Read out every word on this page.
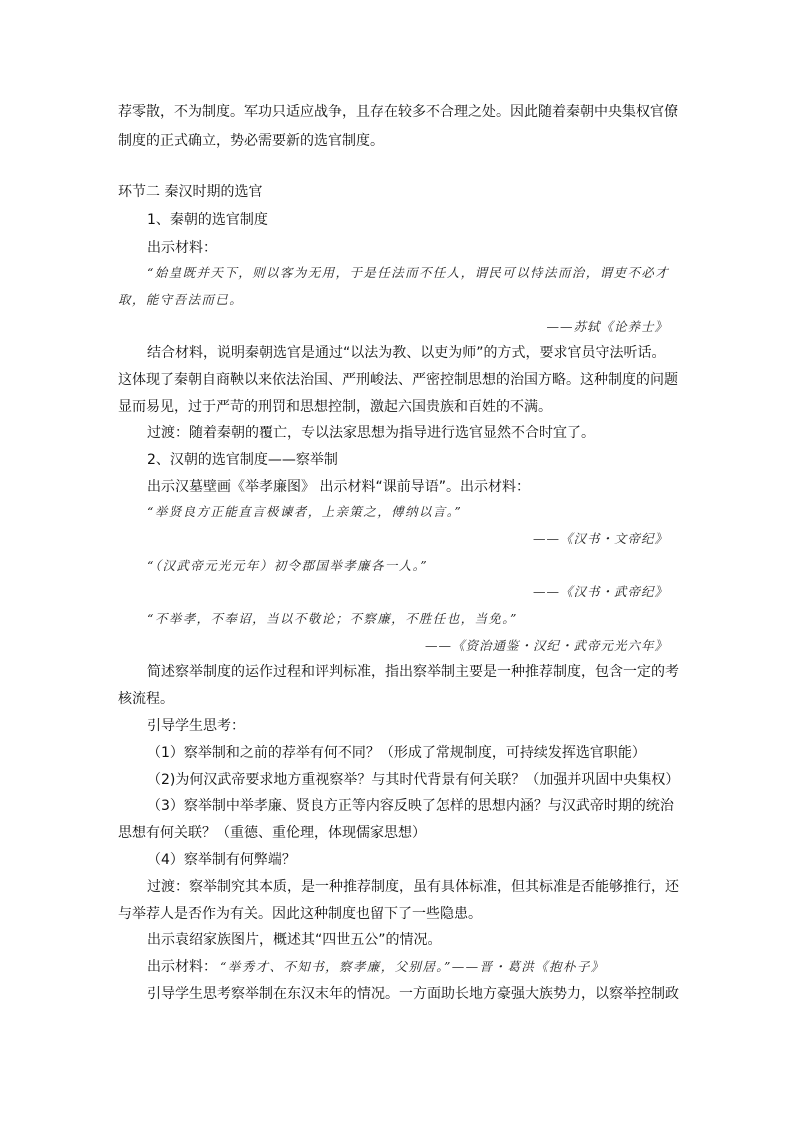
荐零散，不为制度。军功只适应战争，且存在较多不合理之处。因此随着秦朝中央集权官僚
制度的正式确立，势必需要新的选官制度。
环节二 秦汉时期的选官
1、秦朝的选官制度
出示材料：
“始皇既并天下，则以客为无用，于是任法而不任人，谓民可以恃法而治，谓吏不必才
取，能守吾法而已。
——苏轼《论养士》
结合材料，说明秦朝选官是通过“以法为教、以吏为师”的方式，要求官员守法听话。
这体现了秦朝自商鞅以来依法治国、严刑峻法、严密控制思想的治国方略。这种制度的问题
显而易见，过于严苛的刑罚和思想控制，激起六国贵族和百姓的不满。
过渡：随着秦朝的覆亡，专以法家思想为指导进行选官显然不合时宜了。
2、汉朝的选官制度——察举制
出示汉墓壁画《举孝廉图》 出示材料“课前导语”。出示材料：
“举贤良方正能直言极谏者，上亲策之，傅纳以言。”
——《汉书・文帝纪》
“（汉武帝元光元年）初令郡国举孝廉各一人。”
——《汉书・武帝纪》
“不举孝，不奉诏，当以不敬论；不察廉，不胜任也，当免。”
——《资治通鉴・汉纪・武帝元光六年》
简述察举制度的运作过程和评判标准，指出察举制主要是一种推荐制度，包含一定的考
核流程。
引导学生思考：
（1）察举制和之前的荐举有何不同？（形成了常规制度，可持续发挥选官职能）
（2)为何汉武帝要求地方重视察举？与其时代背景有何关联？（加强并巩固中央集权）
（3）察举制中举孝廉、贤良方正等内容反映了怎样的思想内涵？与汉武帝时期的统治
思想有何关联？（重德、重伦理，体现儒家思想）
（4）察举制有何弊端？
过渡：察举制究其本质，是一种推荐制度，虽有具体标准，但其标准是否能够推行，还
与举荐人是否作为有关。因此这种制度也留下了一些隐患。
出示袁绍家族图片，概述其“四世五公”的情况。
出示材料： “举秀才、不知书，察孝廉，父别居。”——晋・葛洪《抱朴子》
引导学生思考察举制在东汉末年的情况。一方面助长地方豪强大族势力，以察举控制政
